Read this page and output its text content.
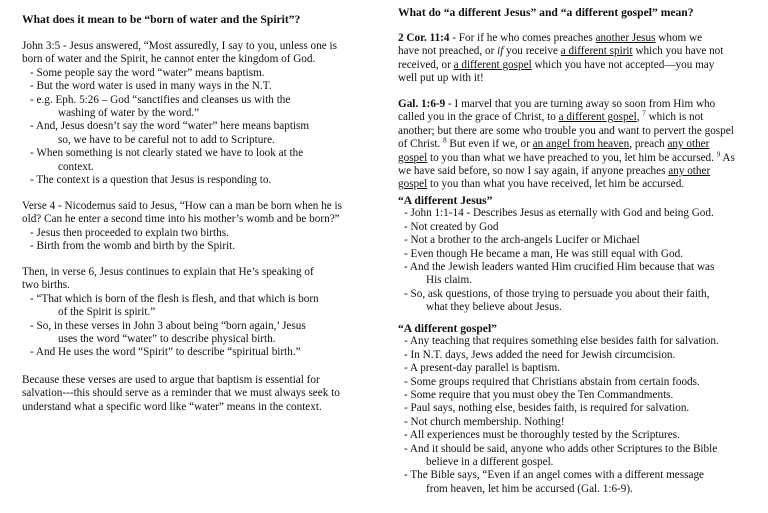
What does it mean to be “born of water and the Spirit”?
John 3:5 - Jesus answered, “Most assuredly, I say to you, unless one is
born of water and the Spirit, he cannot enter the kingdom of God.
- Some people say the word “water” means baptism.
- But the word water is used in many ways in the N.T.
- e.g. Eph. 5:26 – God “sanctifies and cleanses us with the
washing of water by the word.”
- And, Jesus doesn’t say the word “water” here means baptism
so, we have to be careful not to add to Scripture.
- When something is not clearly stated we have to look at the
context.
- The context is a question that Jesus is responding to.
Verse 4 - Nicodemus said to Jesus, “How can a man be born when he is
old? Can he enter a second time into his mother’s womb and be born?”
- Jesus then proceeded to explain two births.
- Birth from the womb and birth by the Spirit.
Then, in verse 6, Jesus continues to explain that He’s speaking of
two births.
- “That which is born of the flesh is flesh, and that which is born
of the Spirit is spirit.”
- So, in these verses in John 3 about being “born again,’ Jesus
uses the word “water” to describe physical birth.
- And He uses the word “Spirit” to describe “spiritual birth.”
Because these verses are used to argue that baptism is essential for
salvation---this should serve as a reminder that we must always seek to
understand what a specific word like “water” means in the context.
What do “a different Jesus” and “a different gospel” mean?
2 Cor. 11:4 - For if he who comes preaches another Jesus whom we
have not preached, or if you receive a different spirit which you have not
received, or a different gospel which you have not accepted—you may
well put up with it!
Gal. 1:6-9 - I marvel that you are turning away so soon from Him who
called you in the grace of Christ, to a different gospel, $^7$ which is not
another; but there are some who trouble you and want to pervert the gospel
of Christ. $^8$ But even if we, or an angel from heaven, preach any other
gospel to you than what we have preached to you, let him be accursed. $^9$ As
we have said before, so now I say again, if anyone preaches any other
gospel to you than what you have received, let him be accursed.
“A different Jesus”
- John 1:1-14 - Describes Jesus as eternally with God and being God.
- Not created by God
- Not a brother to the arch-angels Lucifer or Michael
- Even though He became a man, He was still equal with God.
- And the Jewish leaders wanted Him crucified Him because that was
His claim.
- So, ask questions, of those trying to persuade you about their faith,
what they believe about Jesus.
“A different gospel”
- Any teaching that requires something else besides faith for salvation.
- In N.T. days, Jews added the need for Jewish circumcision.
- A present-day parallel is baptism.
- Some groups required that Christians abstain from certain foods.
- Some require that you must obey the Ten Commandments.
- Paul says, nothing else, besides faith, is required for salvation.
- Not church membership. Nothing!
- All experiences must be thoroughly tested by the Scriptures.
- And it should be said, anyone who adds other Scriptures to the Bible
believe in a different gospel.
- The Bible says, “Even if an angel comes with a different message
from heaven, let him be accursed (Gal. 1:6-9).
